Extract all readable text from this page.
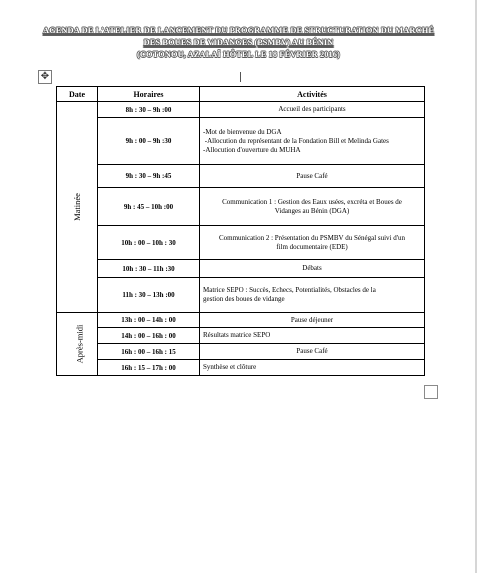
AGENDA DE L'ATELIER DE LANCEMENT DU PROGRAMME DE STRUCTURATION DU MARCHÉ
DES BOUES DE VIDANGES (PSMBV) AU BÉNIN
(COTONOU, AZALAÏ HÔTEL LE 18 FÉVRIER 2016)
✥
Date	Horaires	Activités
Matinée	8h : 30 – 9h :00	Accueil des participants

	9h : 00 – 9h :30	-Mot de bienvenue du DGA
-Allocution du représentant de la Fondation Bill et Melinda Gates
-Allocution d'ouverture du MUHA

	9h : 30 – 9h :45	Pause Café

	9h : 45 – 10h :00	Communication 1 : Gestion des Eaux usées, excréta et Boues de
Vidanges au Bénin (DGA)

	10h : 00 – 10h : 30	Communication 2 : Présentation du PSMBV du Sénégal suivi d'un
film documentaire (EDE)

	10h : 30 – 11h :30	Débats

	11h : 30 – 13h :00	Matrice SEPO : Succès, Echecs, Potentialités, Obstacles de la
gestion des boues de vidange

Après-midi	13h : 00 – 14h : 00	Pause déjeuner

	14h : 00 – 16h : 00	Résultats matrice SEPO

	16h : 00 – 16h : 15	Pause Café

	16h : 15 – 17h : 00	Synthèse et clôture
